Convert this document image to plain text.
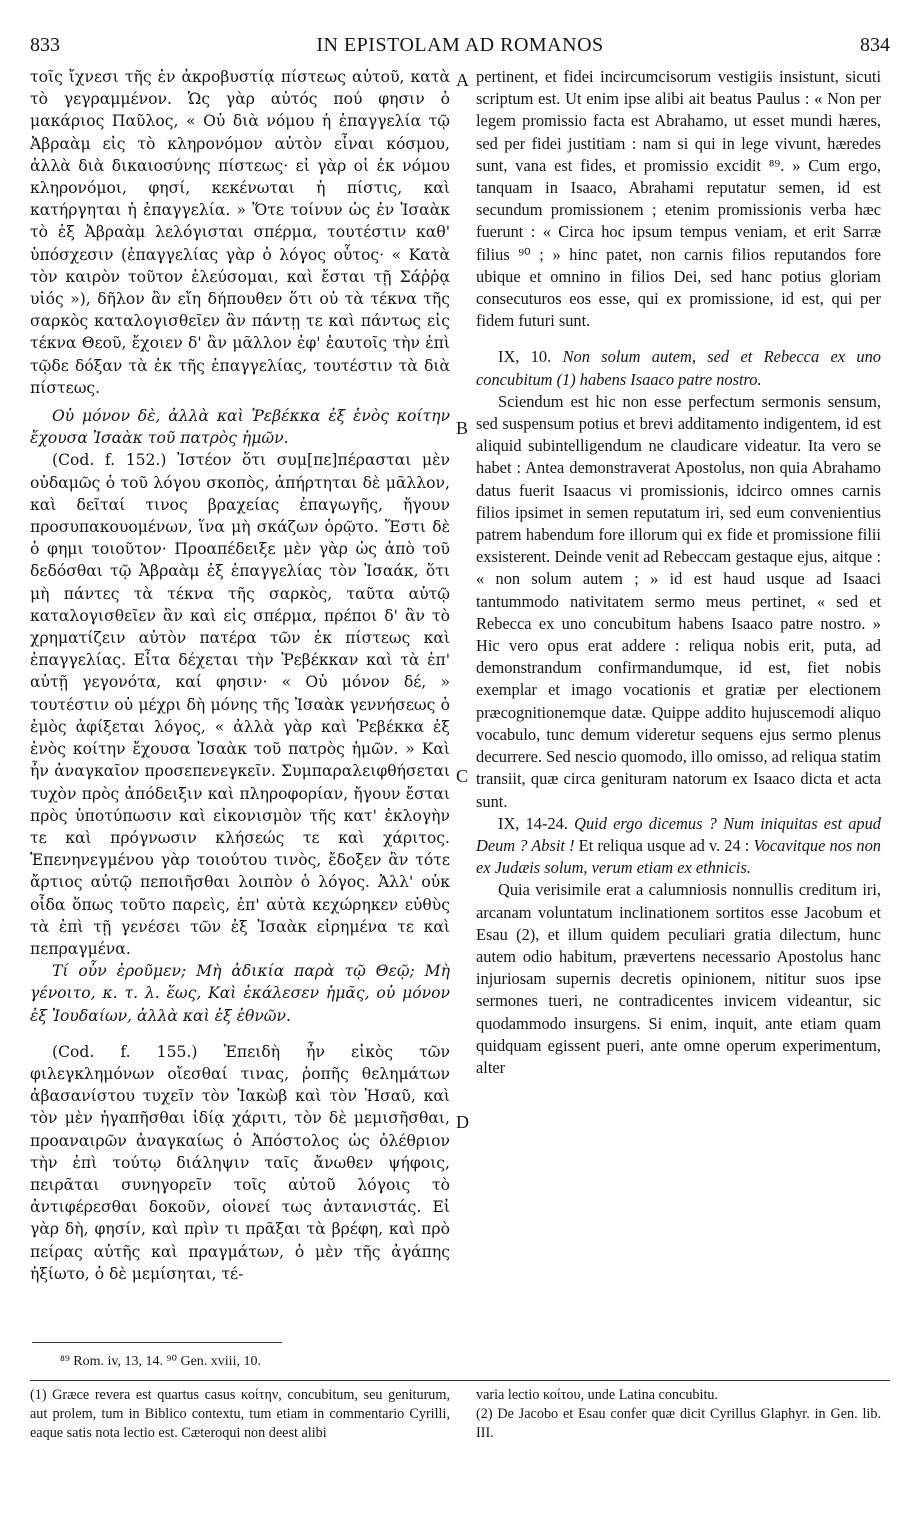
833	IN EPISTOLAM AD ROMANOS	834

τοῖς ἴχνεσι τῆς ἐν ἀκροβυστίᾳ πίστεως αὐτοῦ, κατὰ τὸ γεγραμμένον. Ὡς γὰρ αὐτός πού φησιν ὁ μακάριος Παῦλος, « Οὐ διὰ νόμου ἡ ἐπαγγελία τῷ Ἀβραὰμ εἰς τὸ κληρονόμον αὐτὸν εἶναι κόσμου, ἀλλὰ διὰ δικαιοσύνης πίστεως· εἰ γὰρ οἱ ἐκ νόμου κληρονόμοι, φησί, κεκένωται ἡ πίστις, καὶ κατήργηται ἡ ἐπαγγελία. » Ὅτε τοίνυν ὡς ἐν Ἰσαὰκ τὸ ἐξ Ἀβραὰμ λελόγισται σπέρμα, τουτέστιν καθ' ὑπόσχεσιν (ἐπαγγελίας γὰρ ὁ λόγος οὗτος· « Κατὰ τὸν καιρὸν τοῦτον ἐλεύσομαι, καὶ ἔσται τῇ Σάῤῥᾳ υἱός »), δῆλον ἂν εἴη δήπουθεν ὅτι οὐ τὰ τέκνα τῆς σαρκὸς καταλογισθεῖεν ἂν πάντῃ τε καὶ πάντως εἰς τέκνα Θεοῦ, ἔχοιεν δ' ἂν μᾶλλον ἐφ' ἑαυτοῖς τὴν ἐπὶ τῷδε δόξαν τὰ ἐκ τῆς ἐπαγγελίας, τουτέστιν τὰ διὰ πίστεως.

Οὐ μόνον δὲ, ἀλλὰ καὶ Ῥεβέκκα ἐξ ἑνὸς κοίτην ἔχουσα Ἰσαὰκ τοῦ πατρὸς ἡμῶν.

(Cod. f. 152.) Ἰστέον ὅτι συμ[πε]πέρασται μὲν οὐδαμῶς ὁ τοῦ λόγου σκοπὸς, ἀπήρτηται δὲ μᾶλλον, καὶ δεῖταί τινος βραχείας ἐπαγωγῆς, ἤγουν προσυπακουομένων, ἵνα μὴ σκάζων ὁρῷτο. Ἔστι δὲ ὁ φημι τοιοῦτον· Προαπέδειξε μὲν γὰρ ὡς ἀπὸ τοῦ δεδόσθαι τῷ Ἀβραὰμ ἐξ ἐπαγγελίας τὸν Ἰσαάκ, ὅτι μὴ πάντες τὰ τέκνα τῆς σαρκὸς, ταῦτα αὐτῷ καταλογισθεῖεν ἂν καὶ εἰς σπέρμα, πρέποι δ' ἂν τὸ χρηματίζειν αὐτὸν πατέρα τῶν ἐκ πίστεως καὶ ἐπαγγελίας. Εἶτα δέχεται τὴν Ῥεβέκκαν καὶ τὰ ἐπ' αὐτῇ γεγονότα, καί φησιν· « Οὐ μόνον δέ, » τουτέστιν οὐ μέχρι δὴ μόνης τῆς Ἰσαὰκ γεννήσεως ὁ ἐμὸς ἀφίξεται λόγος, « ἀλλὰ γὰρ καὶ Ῥεβέκκα ἐξ ἑνὸς κοίτην ἔχουσα Ἰσαὰκ τοῦ πατρὸς ἡμῶν. » Καὶ ἦν ἀναγκαῖον προσεπενεγκεῖν. Συμπαραλειφθήσεται τυχὸν πρὸς ἀπόδειξιν καὶ πληροφορίαν, ἤγουν ἔσται πρὸς ὑποτύπωσιν καὶ εἰκονισμὸν τῆς κατ' ἐκλογὴν τε καὶ πρόγνωσιν κλήσεώς τε καὶ χάριτος. Ἐπενηνεγμένου γὰρ τοιούτου τινὸς, ἔδοξεν ἂν τότε ἄρτιος αὐτῷ πεποιῆσθαι λοιπὸν ὁ λόγος. Ἀλλ' οὐκ οἶδα ὅπως τοῦτο παρεὶς, ἐπ' αὐτὰ κεχώρηκεν εὐθὺς τὰ ἐπὶ τῇ γενέσει τῶν ἐξ Ἰσαὰκ εἰρημένα τε καὶ πεπραγμένα.

Τί οὖν ἐροῦμεν; Μὴ ἀδικία παρὰ τῷ Θεῷ; Μὴ γένοιτο, κ. τ. λ. ἕως, Καὶ ἐκάλεσεν ἡμᾶς, οὐ μόνον ἐξ Ἰουδαίων, ἀλλὰ καὶ ἐξ ἐθνῶν.

(Cod. f. 155.) Ἐπειδὴ ἦν εἰκὸς τῶν φιλεγκλημόνων οἴεσθαί τινας, ῥοπῆς θελημάτων ἀβασανίστου τυχεῖν τὸν Ἰακὼβ καὶ τὸν Ἡσαῦ, καὶ τὸν μὲν ἠγαπῆσθαι ἰδίᾳ χάριτι, τὸν δὲ μεμισῆσθαι, προαναιρῶν ἀναγκαίως ὁ Ἀπόστολος ὡς ὀλέθριον τὴν ἐπὶ τούτῳ διάληψιν ταῖς ἄνωθεν ψήφοις, πειρᾶται συνηγορεῖν τοῖς αὐτοῦ λόγοις τὸ ἀντιφέρεσθαι δοκοῦν, οἱονεί τως ἀντανιστάς. Εἰ γὰρ δὴ, φησίν, καὶ πρὶν τι πρᾶξαι τὰ βρέφη, καὶ πρὸ πείρας αὐτῆς καὶ πραγμάτων, ὁ μὲν τῆς ἀγάπης ἠξίωτο, ὁ δὲ μεμίσηται, τέ-

⁸⁹ Rom. iv, 13, 14. ⁹⁰ Gen. xviii, 10.
A
B
C
D

pertinent, et fidei incircumcisorum vestigiis insistunt, sicuti scriptum est. Ut enim ipse alibi ait beatus Paulus : « Non per legem promissio facta est Abrahamo, ut esset mundi hæres, sed per fidei justitiam : nam si qui in lege vivunt, hæredes sunt, vana est fides, et promissio excidit ⁸⁹. » Cum ergo, tanquam in Isaaco, Abrahami reputatur semen, id est secundum promissionem ; etenim promissionis verba hæc fuerunt : « Circa hoc ipsum tempus veniam, et erit Sarræ filius ⁹⁰ ; » hinc patet, non carnis filios reputandos fore ubique et omnino in filios Dei, sed hanc potius gloriam consecuturos eos esse, qui ex promissione, id est, qui per fidem futuri sunt.

IX, 10. Non solum autem, sed et Rebecca ex uno concubitum (1) habens Isaaco patre nostro.

Sciendum est hic non esse perfectum sermonis sensum, sed suspensum potius et brevi additamento indigentem, id est aliquid subintelligendum ne claudicare videatur. Ita vero se habet : Antea demonstraverat Apostolus, non quia Abrahamo datus fuerit Isaacus vi promissionis, idcirco omnes carnis filios ipsimet in semen reputatum iri, sed eum convenientius patrem habendum fore illorum qui ex fide et promissione filii exsisterent. Deinde venit ad Rebeccam gestaque ejus, aitque : « non solum autem ; » id est haud usque ad Isaaci tantummodo nativitatem sermo meus pertinet, « sed et Rebecca ex uno concubitum habens Isaaco patre nostro. » Hic vero opus erat addere : reliqua nobis erit, puta, ad demonstrandum confirmandumque, id est, fiet nobis exemplar et imago vocationis et gratiæ per electionem præcognitionemque datæ. Quippe addito hujuscemodi aliquo vocabulo, tunc demum videretur sequens ejus sermo plenus decurrere. Sed nescio quomodo, illo omisso, ad reliqua statim transiit, quæ circa genituram natorum ex Isaaco dicta et acta sunt.

IX, 14-24. Quid ergo dicemus ? Num iniquitas est apud Deum ? Absit ! Et reliqua usque ad v. 24 : Vocavitque nos non ex Judæis solum, verum etiam ex ethnicis.

Quia verisimile erat a calumniosis nonnullis creditum iri, arcanam voluntatum inclinationem sortitos esse Jacobum et Esau (2), et illum quidem peculiari gratia dilectum, hunc autem odio habitum, prævertens necessario Apostolus hanc injuriosam supernis decretis opinionem, nititur suos ipse sermones tueri, ne contradicentes invicem videantur, sic quodammodo insurgens. Si enim, inquit, ante etiam quam quidquam egissent pueri, ante omne operum experimentum, alter

(1) Græce revera est quartus casus κοίτην, concubitum, seu geniturum, aut prolem, tum in Biblico contextu, tum etiam in commentario Cyrilli, eaque satis nota lectio est. Cæteroqui non deest alibi

varia lectio κοίτου, unde Latina concubitu.

(2) De Jacobo et Esau confer quæ dicit Cyrillus Glaphyr. in Gen. lib. III.
